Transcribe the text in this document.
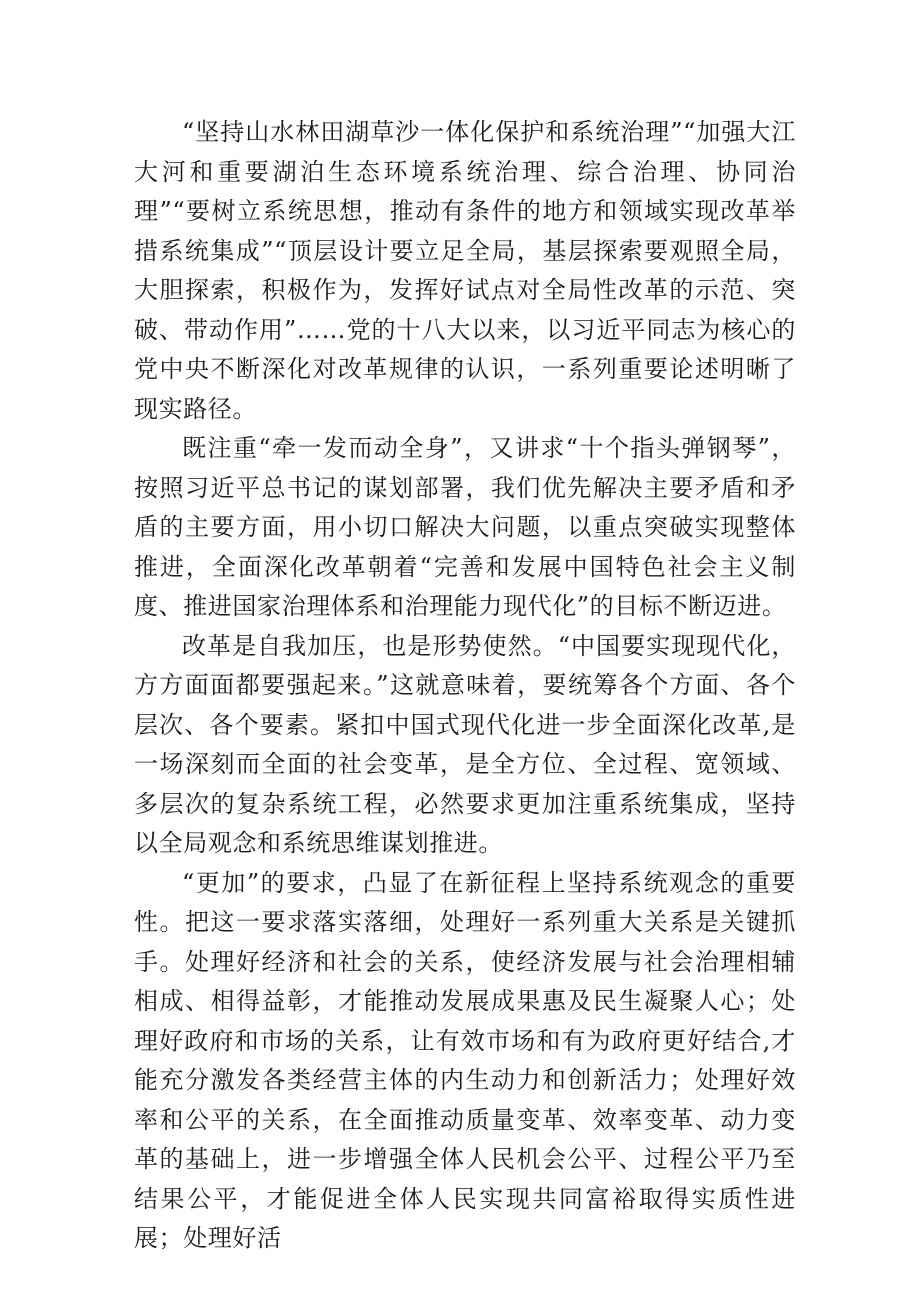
“坚持山水林田湖草沙一体化保护和系统治理”“加强大江大河和重要湖泊生态环境系统治理、综合治理、协同治理”“要树立系统思想，推动有条件的地方和领域实现改革举措系统集成”“顶层设计要立足全局，基层探索要观照全局，大胆探索，积极作为，发挥好试点对全局性改革的示范、突破、带动作用”……党的十八大以来，以习近平同志为核心的党中央不断深化对改革规律的认识，一系列重要论述明晰了现实路径。

既注重“牵一发而动全身”，又讲求“十个指头弹钢琴”，按照习近平总书记的谋划部署，我们优先解决主要矛盾和矛盾的主要方面，用小切口解决大问题，以重点突破实现整体推进，全面深化改革朝着“完善和发展中国特色社会主义制度、推进国家治理体系和治理能力现代化”的目标不断迈进。

改革是自我加压，也是形势使然。“中国要实现现代化，方方面面都要强起来。”这就意味着，要统筹各个方面、各个层次、各个要素。紧扣中国式现代化进一步全面深化改革,是一场深刻而全面的社会变革，是全方位、全过程、宽领域、多层次的复杂系统工程，必然要求更加注重系统集成，坚持以全局观念和系统思维谋划推进。

“更加”的要求，凸显了在新征程上坚持系统观念的重要性。把这一要求落实落细，处理好一系列重大关系是关键抓手。处理好经济和社会的关系，使经济发展与社会治理相辅相成、相得益彰，才能推动发展成果惠及民生凝聚人心；处理好政府和市场的关系，让有效市场和有为政府更好结合,才能充分激发各类经营主体的内生动力和创新活力；处理好效率和公平的关系，在全面推动质量变革、效率变革、动力变革的基础上，进一步增强全体人民机会公平、过程公平乃至结果公平，才能促进全体人民实现共同富裕取得实质性进展；处理好活
